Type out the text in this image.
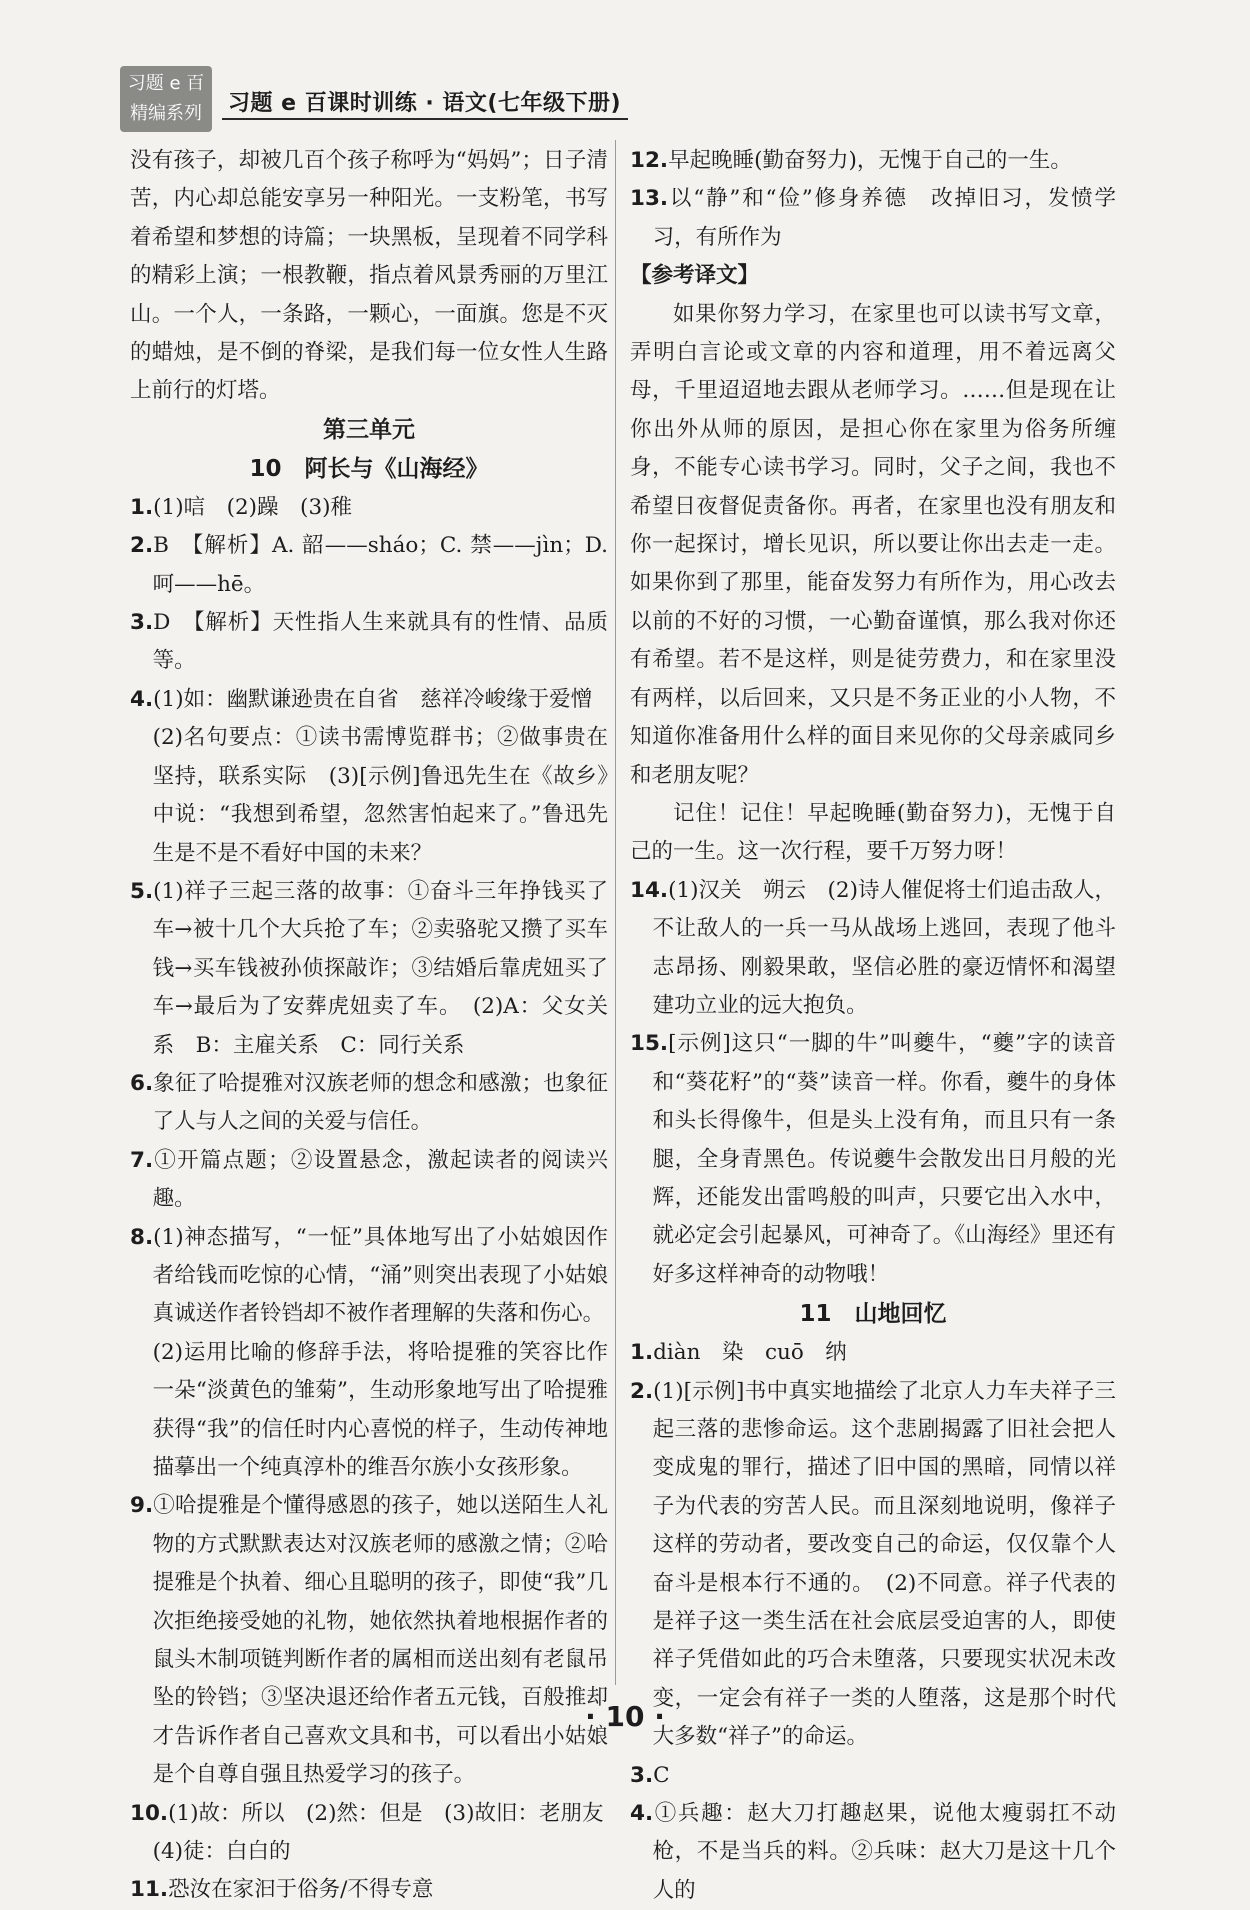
习题 e 百
精编系列	习题 e 百课时训练 · 语文(七年级下册)

没有孩子，却被几百个孩子称呼为“妈妈”；日子清苦，内心却总能安享另一种阳光。一支粉笔，书写着希望和梦想的诗篇；一块黑板，呈现着不同学科的精彩上演；一根教鞭，指点着风景秀丽的万里江山。一个人，一条路，一颗心，一面旗。您是不灭的蜡烛，是不倒的脊梁，是我们每一位女性人生路上前行的灯塔。

第三单元

10　阿长与《山海经》

1.(1)唁　(2)躁　(3)稚

2.B　【解析】A. 韶——sháo；C. 禁——jìn；D. 呵——hē。

3.D　【解析】天性指人生来就具有的性情、品质等。

4.(1)如：幽默谦逊贵在自省　慈祥冷峻缘于爱憎

(2)名句要点：①读书需博览群书；②做事贵在坚持，联系实际　(3)[示例]鲁迅先生在《故乡》中说：“我想到希望，忽然害怕起来了。”鲁迅先生是不是不看好中国的未来？

5.(1)祥子三起三落的故事：①奋斗三年挣钱买了车→被十几个大兵抢了车；②卖骆驼又攒了买车钱→买车钱被孙侦探敲诈；③结婚后靠虎妞买了车→最后为了安葬虎妞卖了车。　(2)A：父女关系　B：主雇关系　C：同行关系

6.象征了哈提雅对汉族老师的想念和感激；也象征了人与人之间的关爱与信任。

7.①开篇点题；②设置悬念，激起读者的阅读兴趣。

8.(1)神态描写，“一怔”具体地写出了小姑娘因作者给钱而吃惊的心情，“涌”则突出表现了小姑娘真诚送作者铃铛却不被作者理解的失落和伤心。

(2)运用比喻的修辞手法，将哈提雅的笑容比作一朵“淡黄色的雏菊”，生动形象地写出了哈提雅获得“我”的信任时内心喜悦的样子，生动传神地描摹出一个纯真淳朴的维吾尔族小女孩形象。

9.①哈提雅是个懂得感恩的孩子，她以送陌生人礼物的方式默默表达对汉族老师的感激之情；②哈提雅是个执着、细心且聪明的孩子，即使“我”几次拒绝接受她的礼物，她依然执着地根据作者的鼠头木制项链判断作者的属相而送出刻有老鼠吊坠的铃铛；③坚决退还给作者五元钱，百般推却才告诉作者自己喜欢文具和书，可以看出小姑娘是个自尊自强且热爱学习的孩子。

10.(1)故：所以　(2)然：但是　(3)故旧：老朋友

(4)徒：白白的

11.恐汝在家汩于俗务/不得专意

12.早起晚睡(勤奋努力)，无愧于自己的一生。

13.以“静”和“俭”修身养德　改掉旧习，发愤学习，有所作为

【参考译文】

如果你努力学习，在家里也可以读书写文章，弄明白言论或文章的内容和道理，用不着远离父母，千里迢迢地去跟从老师学习。……但是现在让你出外从师的原因，是担心你在家里为俗务所缠身，不能专心读书学习。同时，父子之间，我也不希望日夜督促责备你。再者，在家里也没有朋友和你一起探讨，增长见识，所以要让你出去走一走。如果你到了那里，能奋发努力有所作为，用心改去以前的不好的习惯，一心勤奋谨慎，那么我对你还有希望。若不是这样，则是徒劳费力，和在家里没有两样，以后回来，又只是不务正业的小人物，不知道你准备用什么样的面目来见你的父母亲戚同乡和老朋友呢？

记住！记住！早起晚睡(勤奋努力)，无愧于自己的一生。这一次行程，要千万努力呀！

14.(1)汉关　朔云　(2)诗人催促将士们追击敌人，不让敌人的一兵一马从战场上逃回，表现了他斗志昂扬、刚毅果敢，坚信必胜的豪迈情怀和渴望建功立业的远大抱负。

15.[示例]这只“一脚的牛”叫夔牛，“夔”字的读音和“葵花籽”的“葵”读音一样。你看，夔牛的身体和头长得像牛，但是头上没有角，而且只有一条腿，全身青黑色。传说夔牛会散发出日月般的光辉，还能发出雷鸣般的叫声，只要它出入水中，就必定会引起暴风，可神奇了。《山海经》里还有好多这样神奇的动物哦！

11　山地回忆

1.diàn　染　cuō　纳

2.(1)[示例]书中真实地描绘了北京人力车夫祥子三起三落的悲惨命运。这个悲剧揭露了旧社会把人变成鬼的罪行，描述了旧中国的黑暗，同情以祥子为代表的穷苦人民。而且深刻地说明，像祥子这样的劳动者，要改变自己的命运，仅仅靠个人奋斗是根本行不通的。　(2)不同意。祥子代表的是祥子这一类生活在社会底层受迫害的人，即使祥子凭借如此的巧合未堕落，只要现实状况未改变，一定会有祥子一类的人堕落，这是那个时代大多数“祥子”的命运。

3.C

4.①兵趣：赵大刀打趣赵果，说他太瘦弱扛不动枪，不是当兵的料。②兵味：赵大刀是这十几个人的

· 10 ·
